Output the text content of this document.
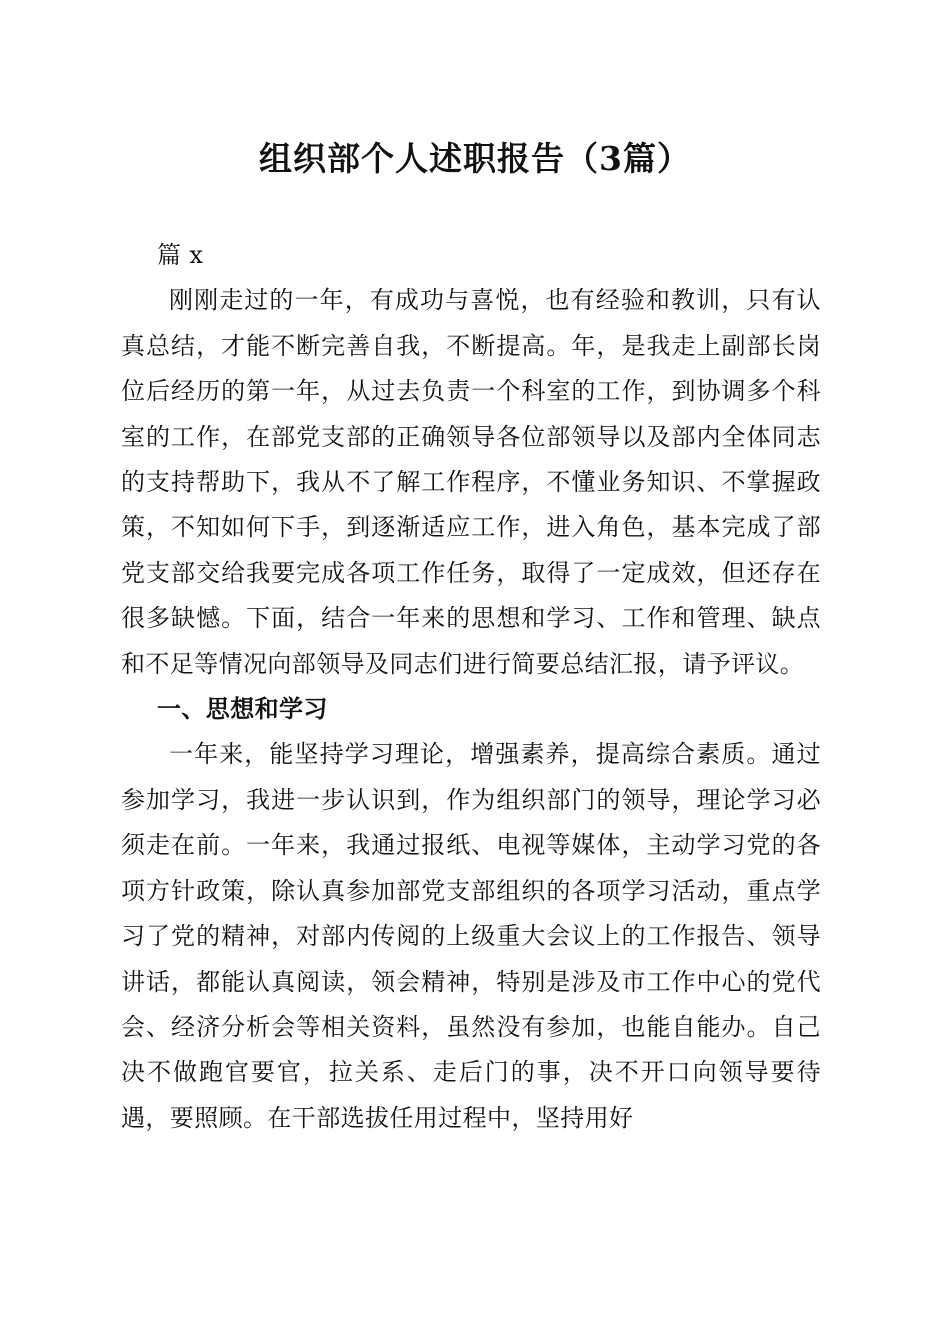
组织部个人述职报告（3篇）

篇 x

刚刚走过的一年，有成功与喜悦，也有经验和教训，只有认真总结，才能不断完善自我，不断提高。年，是我走上副部长岗位后经历的第一年，从过去负责一个科室的工作，到协调多个科室的工作，在部党支部的正确领导各位部领导以及部内全体同志的支持帮助下，我从不了解工作程序，不懂业务知识、不掌握政策，不知如何下手，到逐渐适应工作，进入角色，基本完成了部党支部交给我要完成各项工作任务，取得了一定成效，但还存在很多缺憾。下面，结合一年来的思想和学习、工作和管理、缺点和不足等情况向部领导及同志们进行简要总结汇报，请予评议。

一、思想和学习

一年来，能坚持学习理论，增强素养，提高综合素质。通过参加学习，我进一步认识到，作为组织部门的领导，理论学习必须走在前。一年来，我通过报纸、电视等媒体，主动学习党的各项方针政策，除认真参加部党支部组织的各项学习活动，重点学习了党的精神，对部内传阅的上级重大会议上的工作报告、领导讲话，都能认真阅读，领会精神，特别是涉及市工作中心的党代会、经济分析会等相关资料，虽然没有参加，也能自能办。自己决不做跑官要官，拉关系、走后门的事，决不开口向领导要待遇，要照顾。在干部选拔任用过程中，坚持用好
